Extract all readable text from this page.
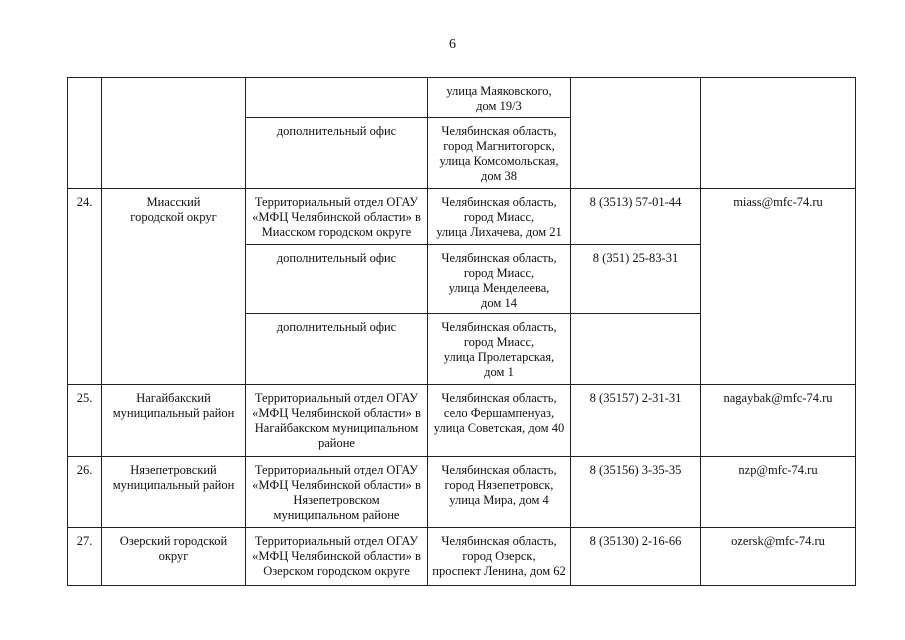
6

			улица Маяковского,
дом 19/3		

		дополнительный офис	Челябинская область,
город Магнитогорск,
улица Комсомольская,
дом 38		

24.	Миасский
городской округ	Территориальный отдел ОГАУ
«МФЦ Челябинской области» в
Миасском городском округе	Челябинская область,
город Миасс,
улица Лихачева, дом 21	8 (3513) 57-01-44	miass@mfc-74.ru
		дополнительный офис	Челябинская область,
город Миасс,
улица Менделеева,
дом 14	8 (351) 25-83-31	
		дополнительный офис	Челябинская область,
город Миасс,
улица Пролетарская,
дом 1		

25.	Нагайбакский
муниципальный район	Территориальный отдел ОГАУ
«МФЦ Челябинской области» в
Нагайбакском муниципальном
районе	Челябинская область,
село Фершампенуаз,
улица Советская, дом 40	8 (35157) 2-31-31	nagaybak@mfc-74.ru
26.	Нязепетровский
муниципальный район	Территориальный отдел ОГАУ
«МФЦ Челябинской области» в
Нязепетровском
муниципальном районе	Челябинская область,
город Нязепетровск,
улица Мира, дом 4	8 (35156) 3-35-35	nzp@mfc-74.ru
27.	Озерский городской
округ	Территориальный отдел ОГАУ
«МФЦ Челябинской области» в
Озерском городском округе	Челябинская область,
город Озерск,
проспект Ленина, дом 62	8 (35130) 2-16-66	ozersk@mfc-74.ru
